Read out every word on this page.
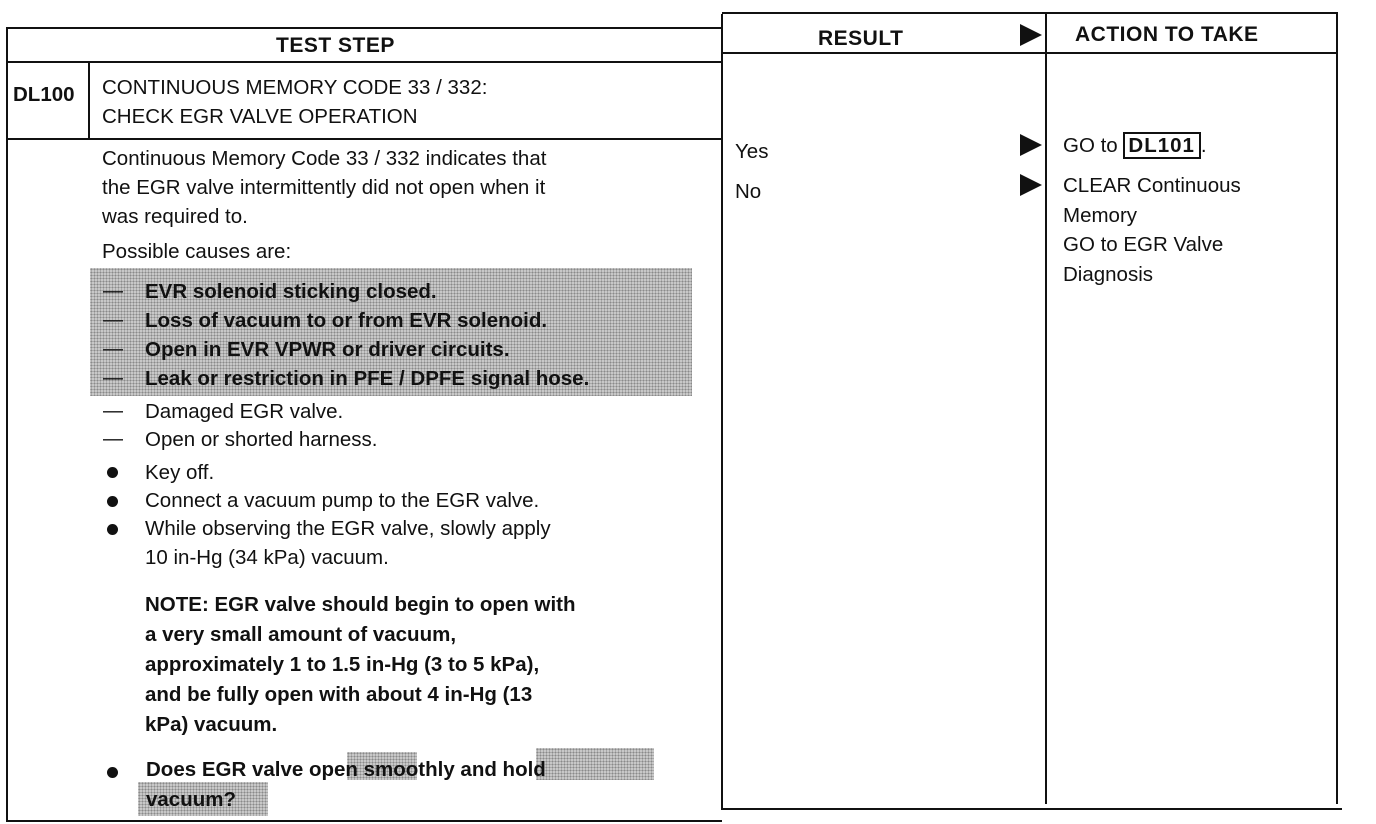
TEST STEP	RESULT	ACTION TO TAKE
DL100 CONTINUOUS MEMORY CODE 33 / 332:
CHECK EGR VALVE OPERATION
Continuous Memory Code 33 / 332 indicates that
the EGR valve intermittently did not open when it
was required to.
Possible causes are:
— EVR solenoid sticking closed.
— Loss of vacuum to or from EVR solenoid.
— Open in EVR VPWR or driver circuits.
— Leak or restriction in PFE / DPFE signal hose.
— Damaged EGR valve.
— Open or shorted harness.
Key off.
Connect a vacuum pump to the EGR valve.
While observing the EGR valve, slowly apply
10 in-Hg (34 kPa) vacuum.
NOTE: EGR valve should begin to open with
a very small amount of vacuum,
approximately 1 to 1.5 in-Hg (3 to 5 kPa),
and be fully open with about 4 in-Hg (13
kPa) vacuum.
Does EGR valve open smoothly and hold
vacuum?
Yes
No
GO to DL101 .
CLEAR Continuous
Memory
GO to EGR Valve
Diagnosis
